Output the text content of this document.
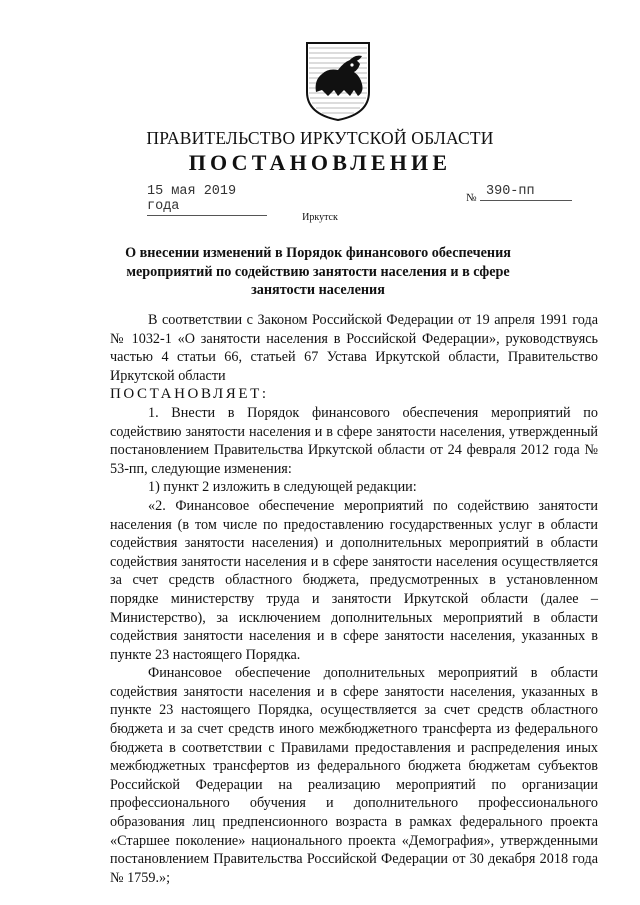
ПРАВИТЕЛЬСТВО ИРКУТСКОЙ ОБЛАСТИ
ПОСТАНОВЛЕНИЕ
15 мая 2019 года
№ 390-пп
Иркутск
О внесении изменений в Порядок финансового обеспечения мероприятий по содействию занятости населения и в сфере занятости населения

В соответствии с Законом Российской Федерации от 19 апреля 1991 года № 1032-1 «О занятости населения в Российской Федерации», руководствуясь частью 4 статьи 66, статьей 67 Устава Иркутской области, Правительство Иркутской области

ПОСТАНОВЛЯЕТ:

1. Внести в Порядок финансового обеспечения мероприятий по содействию занятости населения и в сфере занятости населения, утвержденный постановлением Правительства Иркутской области от 24 февраля 2012 года № 53-пп, следующие изменения:

1) пункт 2 изложить в следующей редакции:

«2. Финансовое обеспечение мероприятий по содействию занятости населения (в том числе по предоставлению государственных услуг в области содействия занятости населения) и дополнительных мероприятий в области содействия занятости населения и в сфере занятости населения осуществляется за счет средств областного бюджета, предусмотренных в установленном порядке министерству труда и занятости Иркутской области (далее – Министерство), за исключением дополнительных мероприятий в области содействия занятости населения и в сфере занятости населения, указанных в пункте 23 настоящего Порядка.

Финансовое обеспечение дополнительных мероприятий в области содействия занятости населения и в сфере занятости населения, указанных в пункте 23 настоящего Порядка, осуществляется за счет средств областного бюджета и за счет средств иного межбюджетного трансферта из федерального бюджета в соответствии с Правилами предоставления и распределения иных межбюджетных трансфертов из федерального бюджета бюджетам субъектов Российской Федерации на реализацию мероприятий по организации профессионального обучения и дополнительного профессионального образования лиц предпенсионного возраста в рамках федерального проекта «Старшее поколение» национального проекта «Демография», утвержденными постановлением Правительства Российской Федерации от 30 декабря 2018 года № 1759.»;
